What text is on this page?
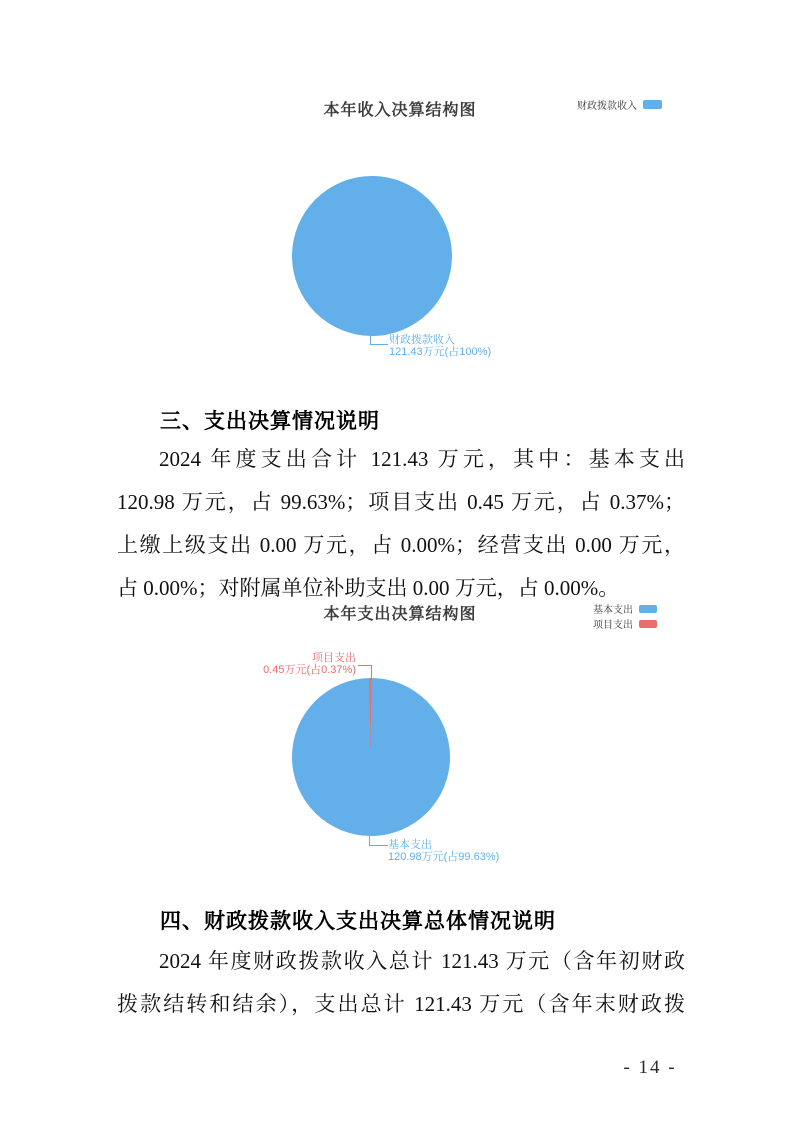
本年收入决算结构图	财政拨款收入
财政拨款收入
121.43万元(占100%)
三、支出决算情况说明
2024 年度支出合计 121.43 万元，其中：基本支出
120.98 万元，占 99.63%；项目支出 0.45 万元，占 0.37%；
上缴上级支出 0.00 万元，占 0.00%；经营支出 0.00 万元，
占 0.00%；对附属单位补助支出 0.00 万元，占 0.00%。
本年支出决算结构图	基本支出
项目支出
项目支出
0.45万元(占0.37%)
基本支出
120.98万元(占99.63%)
四、财政拨款收入支出决算总体情况说明
2024 年度财政拨款收入总计 121.43 万元（含年初财政
拨款结转和结余），支出总计 121.43 万元（含年末财政拨
- 14 -
